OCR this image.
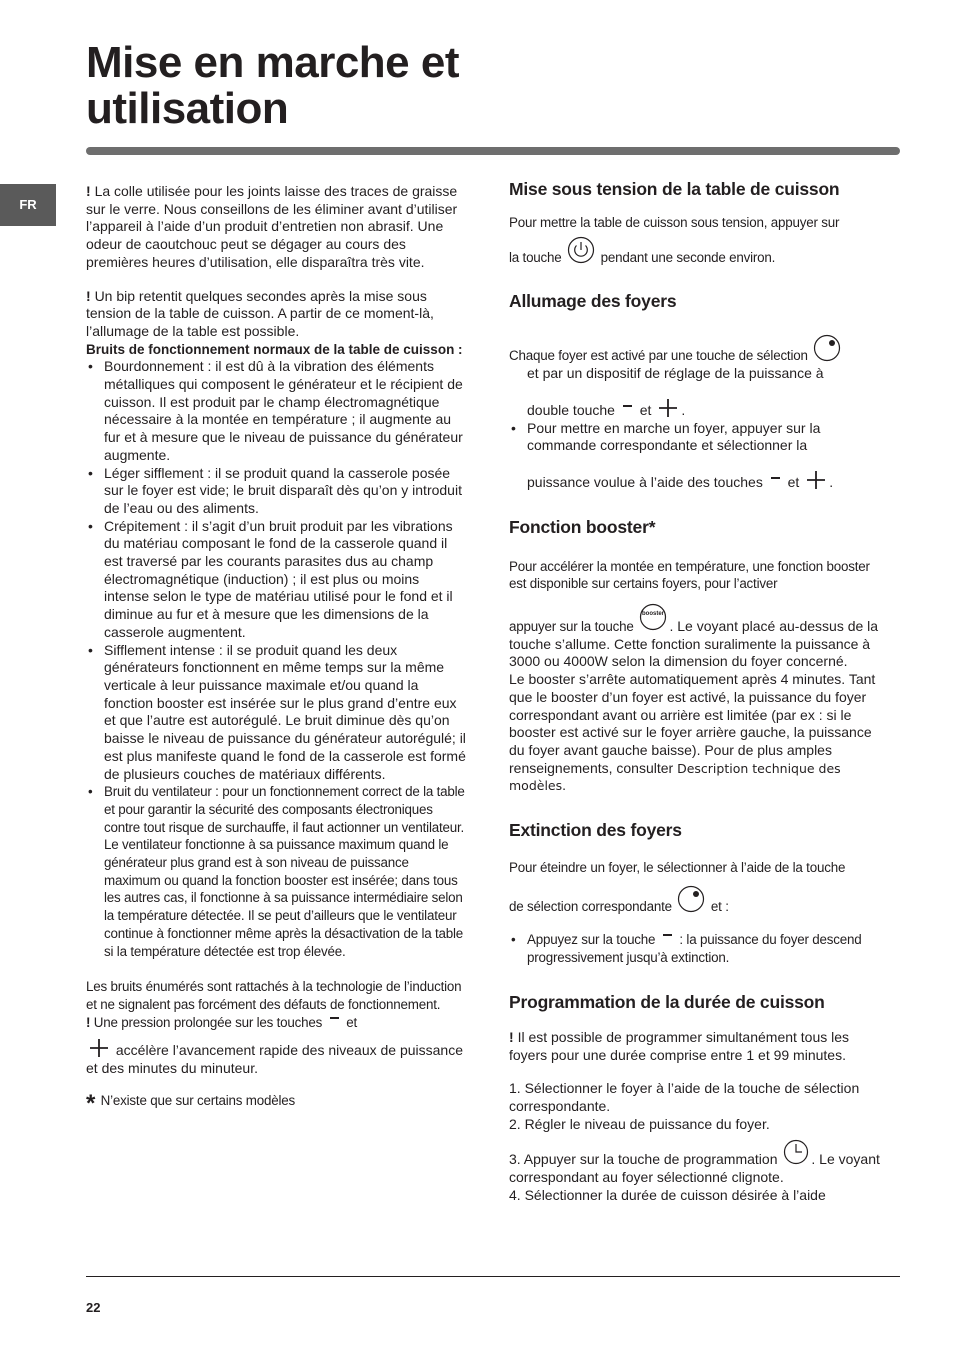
Mise en marche et
utilisation
FR

! La colle utilisée pour les joints laisse des traces de graisse sur le verre. Nous conseillons de les éliminer avant d’utiliser l’appareil à l’aide d’un produit d’entretien non abrasif. Une odeur de caoutchouc peut se dégager au cours des premières heures d’utilisation, elle disparaîtra très vite.

! Un bip retentit quelques secondes après la mise sous tension de la table de cuisson. A partir de ce moment-là, l’allumage de la table est possible.

Bruits de fonctionnement normaux de la table de cuisson :

• Bourdonnement : il est dû à la vibration des éléments métalliques qui composent le générateur et le récipient de cuisson. Il est produit par le champ électromagnétique nécessaire à la montée en température ; il augmente au fur et à mesure que le niveau de puissance du générateur augmente.
• Léger sifflement : il se produit quand la casserole posée sur le foyer est vide; le bruit disparaît dès qu’on y introduit de l’eau ou des aliments.
• Crépitement : il s’agit d’un bruit produit par les vibrations du matériau composant le fond de la casserole quand il est traversé par les courants parasites dus au champ électromagnétique (induction) ; il est plus ou moins intense selon le type de matériau utilisé pour le fond et il diminue au fur et à mesure que les dimensions de la casserole augmentent.
• Sifflement intense : il se produit quand les deux générateurs fonctionnent en même temps sur la même verticale à leur puissance maximale et/ou quand la fonction booster est insérée sur le plus grand d’entre eux et que l’autre est autorégulé. Le bruit diminue dès qu’on baisse le niveau de puissance du générateur autorégulé; il est plus manifeste quand le fond de la casserole est formé de plusieurs couches de matériaux différents.
• Bruit du ventilateur : pour un fonctionnement correct de la table et pour garantir la sécurité des composants électroniques contre tout risque de surchauffe, il faut actionner un ventilateur. Le ventilateur fonctionne à sa puissance maximum quand le générateur plus grand est à son niveau de puissance maximum ou quand la fonction booster est insérée; dans tous les autres cas, il fonctionne à sa puissance intermédiaire selon la température détectée. Il se peut d’ailleurs que le ventilateur continue à fonctionner même après la désactivation de la table si la température détectée est trop élevée.

Les bruits énumérés sont rattachés à la technologie de l’induction et ne signalent pas forcément des défauts de fonctionnement.

! Une pression prolongée sur les touches et

accélère l’avancement rapide des niveaux de puissance et des minutes du minuteur.

* N’existe que sur certains modèles

Mise sous tension de la table de cuisson

Pour mettre la table de cuisson sous tension, appuyer sur

la touche	pendant une seconde environ.

Allumage des foyers

Chaque foyer est activé par une touche de sélection

et par un dispositif de réglage de la puissance à

double touche et .

• Pour mettre en marche un foyer, appuyer sur la commande correspondante et sélectionner la
puissance voulue à l’aide des touches et .
Fonction booster*

Pour accélérer la montée en température, une fonction booster est disponible sur certains foyers, pour l’activer

appuyer sur la touche
booster
. Le voyant placé au-dessus de la touche s’allume. Cette fonction suralimente la puissance à 3000 ou 4000W selon la dimension du foyer concerné.

Le booster s’arrête automatiquement après 4 minutes. Tant que le booster d’un foyer est activé, la puissance du foyer correspondant avant ou arrière est limitée (par ex : si le booster est activé sur le foyer arrière gauche, la puissance du foyer avant gauche baisse). Pour de plus amples renseignements, consulter Description technique des modèles.

Extinction des foyers

Pour éteindre un foyer, le sélectionner à l’aide de la touche

de sélection correspondante	et :

• Appuyez sur la touche : la puissance du foyer descend progressivement jusqu’à extinction.
Programmation de la durée de cuisson

! Il est possible de programmer simultanément tous les foyers pour une durée comprise entre 1 et 99 minutes.

1. Sélectionner le foyer à l’aide de la touche de sélection correspondante.

2. Régler le niveau de puissance du foyer.

3. Appuyer sur la touche de programmation . Le voyant correspondant au foyer sélectionné clignote.

4. Sélectionner la durée de cuisson désirée à l’aide

22
